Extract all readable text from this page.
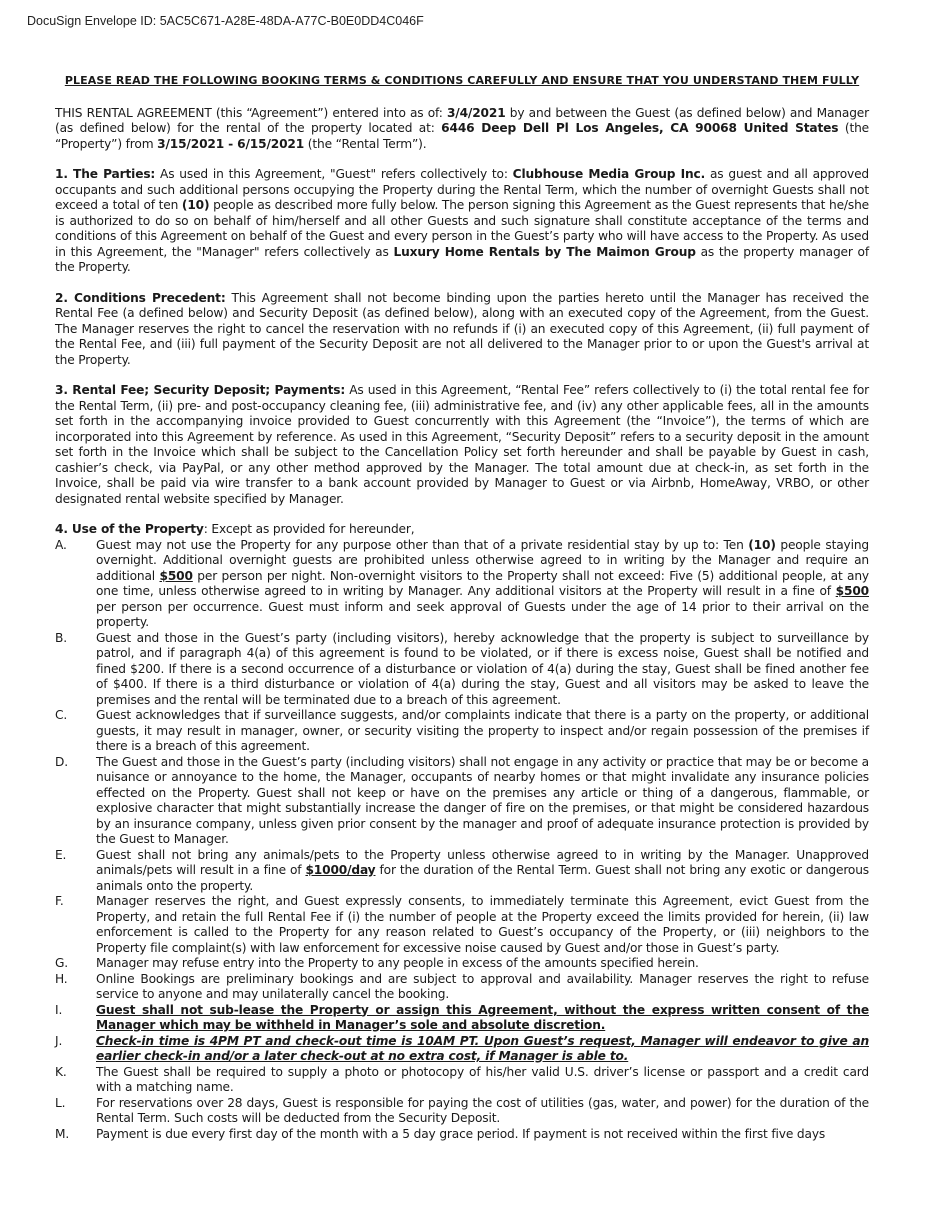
DocuSign Envelope ID: 5AC5C671-A28E-48DA-A77C-B0E0DD4C046F
PLEASE READ THE FOLLOWING BOOKING TERMS & CONDITIONS CAREFULLY AND ENSURE THAT YOU UNDERSTAND THEM FULLY

THIS RENTAL AGREEMENT (this “Agreement”) entered into as of: 3/4/2021 by and between the Guest (as defined below) and Manager (as defined below) for the rental of the property located at: 6446 Deep Dell Pl Los Angeles, CA 90068 United States (the “Property”) from 3/15/2021 - 6/15/2021 (the “Rental Term”).

1. The Parties: As used in this Agreement, "Guest" refers collectively to: Clubhouse Media Group Inc. as guest and all approved occupants and such additional persons occupying the Property during the Rental Term, which the number of overnight Guests shall not exceed a total of ten (10) people as described more fully below. The person signing this Agreement as the Guest represents that he/she is authorized to do so on behalf of him/herself and all other Guests and such signature shall constitute acceptance of the terms and conditions of this Agreement on behalf of the Guest and every person in the Guest’s party who will have access to the Property. As used in this Agreement, the "Manager" refers collectively as Luxury Home Rentals by The Maimon Group as the property manager of the Property.

2. Conditions Precedent: This Agreement shall not become binding upon the parties hereto until the Manager has received the Rental Fee (a defined below) and Security Deposit (as defined below), along with an executed copy of the Agreement, from the Guest. The Manager reserves the right to cancel the reservation with no refunds if (i) an executed copy of this Agreement, (ii) full payment of the Rental Fee, and (iii) full payment of the Security Deposit are not all delivered to the Manager prior to or upon the Guest's arrival at the Property.

3. Rental Fee; Security Deposit; Payments: As used in this Agreement, “Rental Fee” refers collectively to (i) the total rental fee for the Rental Term, (ii) pre- and post-occupancy cleaning fee, (iii) administrative fee, and (iv) any other applicable fees, all in the amounts set forth in the accompanying invoice provided to Guest concurrently with this Agreement (the “Invoice”), the terms of which are incorporated into this Agreement by reference. As used in this Agreement, “Security Deposit” refers to a security deposit in the amount set forth in the Invoice which shall be subject to the Cancellation Policy set forth hereunder and shall be payable by Guest in cash, cashier’s check, via PayPal, or any other method approved by the Manager. The total amount due at check-in, as set forth in the Invoice, shall be paid via wire transfer to a bank account provided by Manager to Guest or via Airbnb, HomeAway, VRBO, or other designated rental website specified by Manager.

4. Use of the Property: Except as provided for hereunder,
A.	Guest may not use the Property for any purpose other than that of a private residential stay by up to: Ten (10) people staying overnight. Additional overnight guests are prohibited unless otherwise agreed to in writing by the Manager and require an additional $500 per person per night. Non-overnight visitors to the Property shall not exceed: Five (5) additional people, at any one time, unless otherwise agreed to in writing by Manager. Any additional visitors at the Property will result in a fine of $500 per person per occurrence. Guest must inform and seek approval of Guests under the age of 14 prior to their arrival on the property.
B.	Guest and those in the Guest’s party (including visitors), hereby acknowledge that the property is subject to surveillance by patrol, and if paragraph 4(a) of this agreement is found to be violated, or if there is excess noise, Guest shall be notified and fined $200. If there is a second occurrence of a disturbance or violation of 4(a) during the stay, Guest shall be fined another fee of $400. If there is a third disturbance or violation of 4(a) during the stay, Guest and all visitors may be asked to leave the premises and the rental will be terminated due to a breach of this agreement.
C.	Guest acknowledges that if surveillance suggests, and/or complaints indicate that there is a party on the property, or additional guests, it may result in manager, owner, or security visiting the property to inspect and/or regain possession of the premises if there is a breach of this agreement.
D.	The Guest and those in the Guest’s party (including visitors) shall not engage in any activity or practice that may be or become a nuisance or annoyance to the home, the Manager, occupants of nearby homes or that might invalidate any insurance policies effected on the Property. Guest shall not keep or have on the premises any article or thing of a dangerous, flammable, or explosive character that might substantially increase the danger of fire on the premises, or that might be considered hazardous by an insurance company, unless given prior consent by the manager and proof of adequate insurance protection is provided by the Guest to Manager.
E.	Guest shall not bring any animals/pets to the Property unless otherwise agreed to in writing by the Manager. Unapproved animals/pets will result in a fine of $1000/day for the duration of the Rental Term. Guest shall not bring any exotic or dangerous animals onto the property.
F.	Manager reserves the right, and Guest expressly consents, to immediately terminate this Agreement, evict Guest from the Property, and retain the full Rental Fee if (i) the number of people at the Property exceed the limits provided for herein, (ii) law enforcement is called to the Property for any reason related to Guest’s occupancy of the Property, or (iii) neighbors to the Property file complaint(s) with law enforcement for excessive noise caused by Guest and/or those in Guest’s party.
G.	Manager may refuse entry into the Property to any people in excess of the amounts specified herein.
H.	Online Bookings are preliminary bookings and are subject to approval and availability. Manager reserves the right to refuse service to anyone and may unilaterally cancel the booking.
I.	Guest shall not sub-lease the Property or assign this Agreement, without the express written consent of the Manager which may be withheld in Manager’s sole and absolute discretion.
J.	Check-in time is 4PM PT and check-out time is 10AM PT. Upon Guest’s request, Manager will endeavor to give an earlier check-in and/or a later check-out at no extra cost, if Manager is able to.
K.	The Guest shall be required to supply a photo or photocopy of his/her valid U.S. driver’s license or passport and a credit card with a matching name.
L.	For reservations over 28 days, Guest is responsible for paying the cost of utilities (gas, water, and power) for the duration of the Rental Term. Such costs will be deducted from the Security Deposit.
M.	Payment is due every first day of the month with a 5 day grace period. If payment is not received within the first five days
